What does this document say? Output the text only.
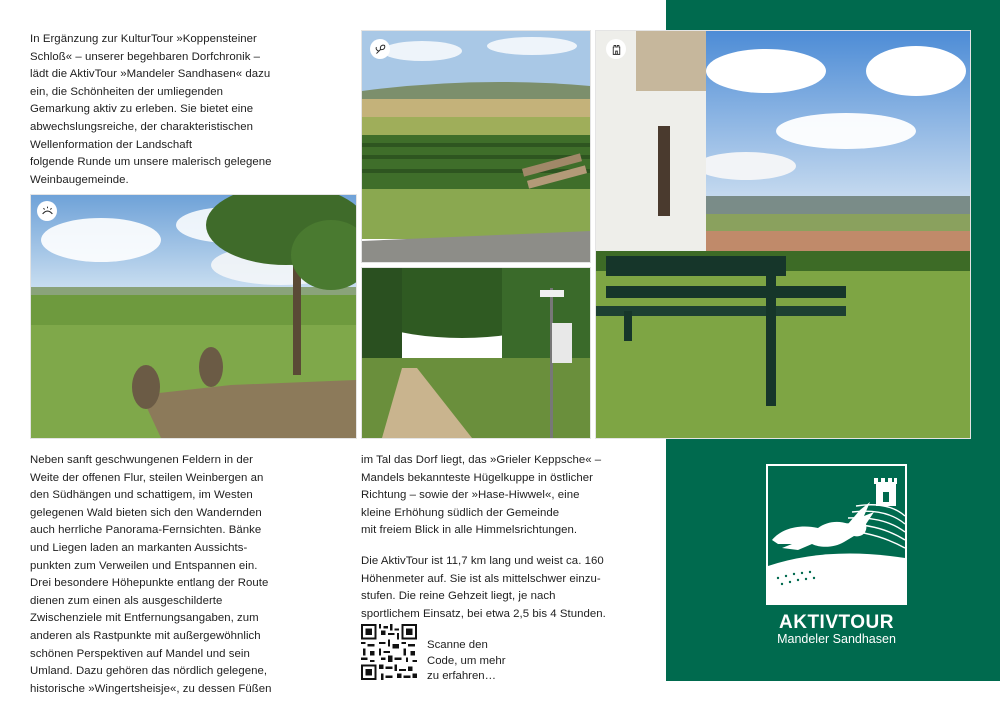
In Ergänzung zur KulturTour »Koppensteiner
Schloß« – unserer begehbaren Dorfchronik –
lädt die AktivTour »Mandeler Sandhasen« dazu
ein, die Schönheiten der umliegenden
Gemarkung aktiv zu erleben. Sie bietet eine
abwechslungsreiche, der charakteristischen
Wellenformation der Landschaft
folgende Runde um unsere malerisch gelegene
Weinbaugemeinde.

Neben sanft geschwungenen Feldern in der
Weite der offenen Flur, steilen Weinbergen an
den Südhängen und schattigem, im Westen
gelegenen Wald bieten sich den Wandernden
auch herrliche Panorama-Fernsichten. Bänke
und Liegen laden an markanten Aussichts-
punkten zum Verweilen und Entspannen ein.
Drei besondere Höhepunkte entlang der Route
dienen zum einen als ausgeschilderte
Zwischenziele mit Entfernungsangaben, zum
anderen als Rastpunkte mit außergewöhnlich
schönen Perspektiven auf Mandel und sein
Umland. Dazu gehören das nördlich gelegene,
historische »Wingertsheisje«, zu dessen Füßen

im Tal das Dorf liegt, das »Grieler Keppsche« –
Mandels bekannteste Hügelkuppe in östlicher
Richtung – sowie der »Hase-Hiwwel«, eine
kleine Erhöhung südlich der Gemeinde
mit freiem Blick in alle Himmelsrichtungen.

Die AktivTour ist 11,7 km lang und weist ca. 160
Höhenmeter auf. Sie ist als mittelschwer einzu-
stufen. Die reine Gehzeit liegt, je nach
sportlichem Einsatz, bei etwa 2,5 bis 4 Stunden.

Scanne den
Code, um mehr
zu erfahren…

AKTIVTOUR

Mandeler Sandhasen
